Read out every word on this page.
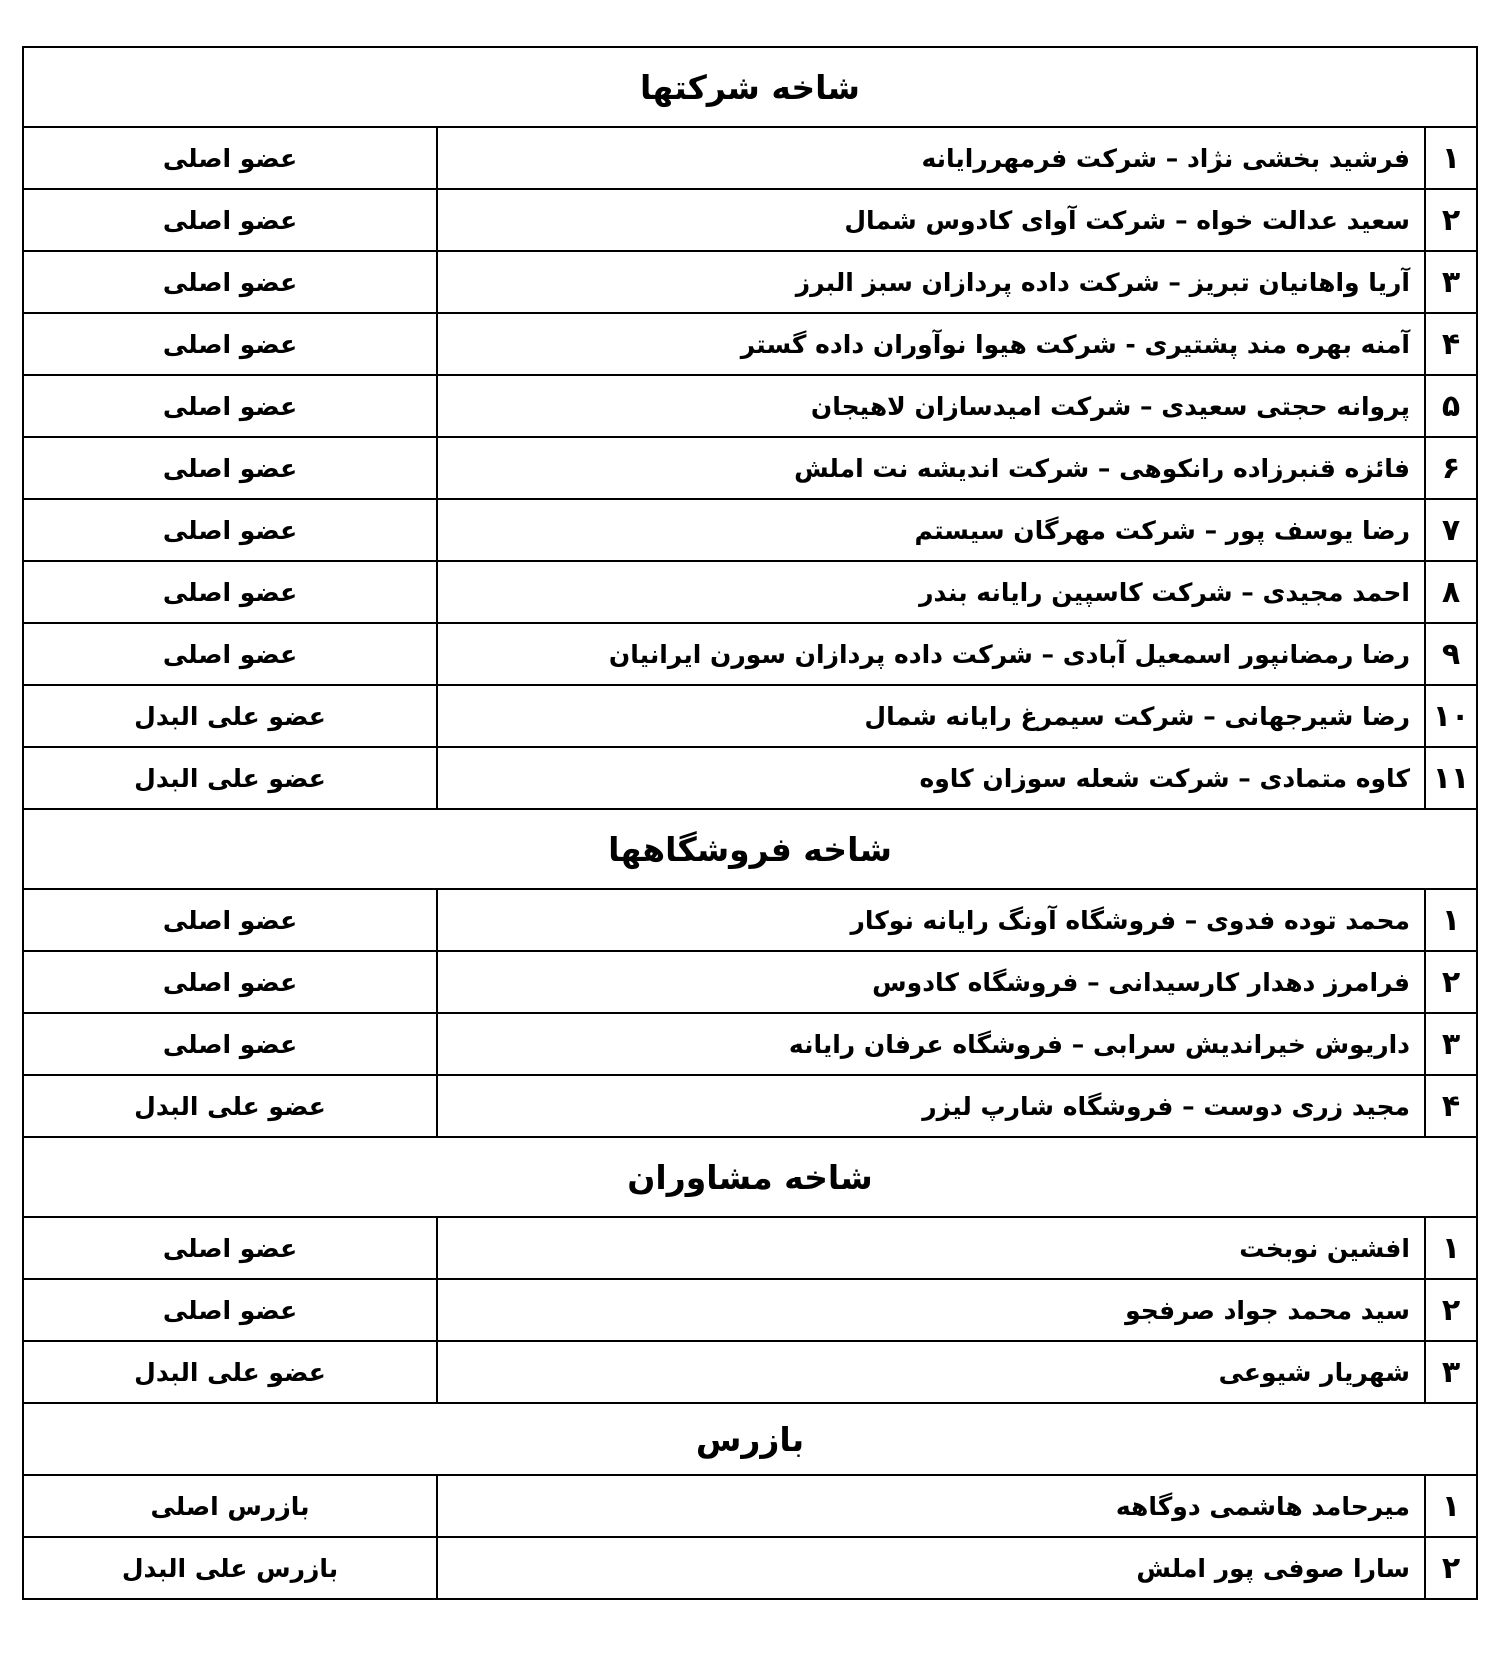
شاخه شرکتها		
۱	فرشید بخشی نژاد – شرکت فرمهررایانه	عضو اصلی
۲	سعید عدالت خواه – شرکت آوای کادوس شمال	عضو اصلی
۳	آریا واهانیان تبریز – شرکت داده پردازان سبز البرز	عضو اصلی
۴	آمنه بهره مند پشتیری - شرکت هیوا نوآوران داده گستر	عضو اصلی
۵	پروانه حجتی سعیدی – شرکت امیدسازان لاهیجان	عضو اصلی
۶	فائزه قنبرزاده رانکوهی – شرکت اندیشه نت املش	عضو اصلی
۷	رضا یوسف پور – شرکت مهرگان سیستم	عضو اصلی
۸	احمد مجیدی – شرکت کاسپین رایانه بندر	عضو اصلی
۹	رضا رمضانپور اسمعیل آبادی – شرکت داده پردازان سورن ایرانیان	عضو اصلی
۱۰	رضا شیرجهانی – شرکت سیمرغ رایانه شمال	عضو علی البدل
۱۱	کاوه متمادی – شرکت شعله سوزان کاوه	عضو علی البدل
شاخه فروشگاهها		
۱	محمد توده فدوی – فروشگاه آونگ رایانه نوکار	عضو اصلی
۲	فرامرز دهدار کارسیدانی – فروشگاه کادوس	عضو اصلی
۳	داریوش خیراندیش سرابی – فروشگاه عرفان رایانه	عضو اصلی
۴	مجید زری دوست – فروشگاه شارپ لیزر	عضو علی البدل
شاخه مشاوران		
۱	افشین نوبخت	عضو اصلی
۲	سید محمد جواد صرفجو	عضو اصلی
۳	شهریار شیوعی	عضو علی البدل
بازرس		
۱	میرحامد هاشمی دوگاهه	بازرس اصلی
۲	سارا صوفی پور املش	بازرس علی البدل
